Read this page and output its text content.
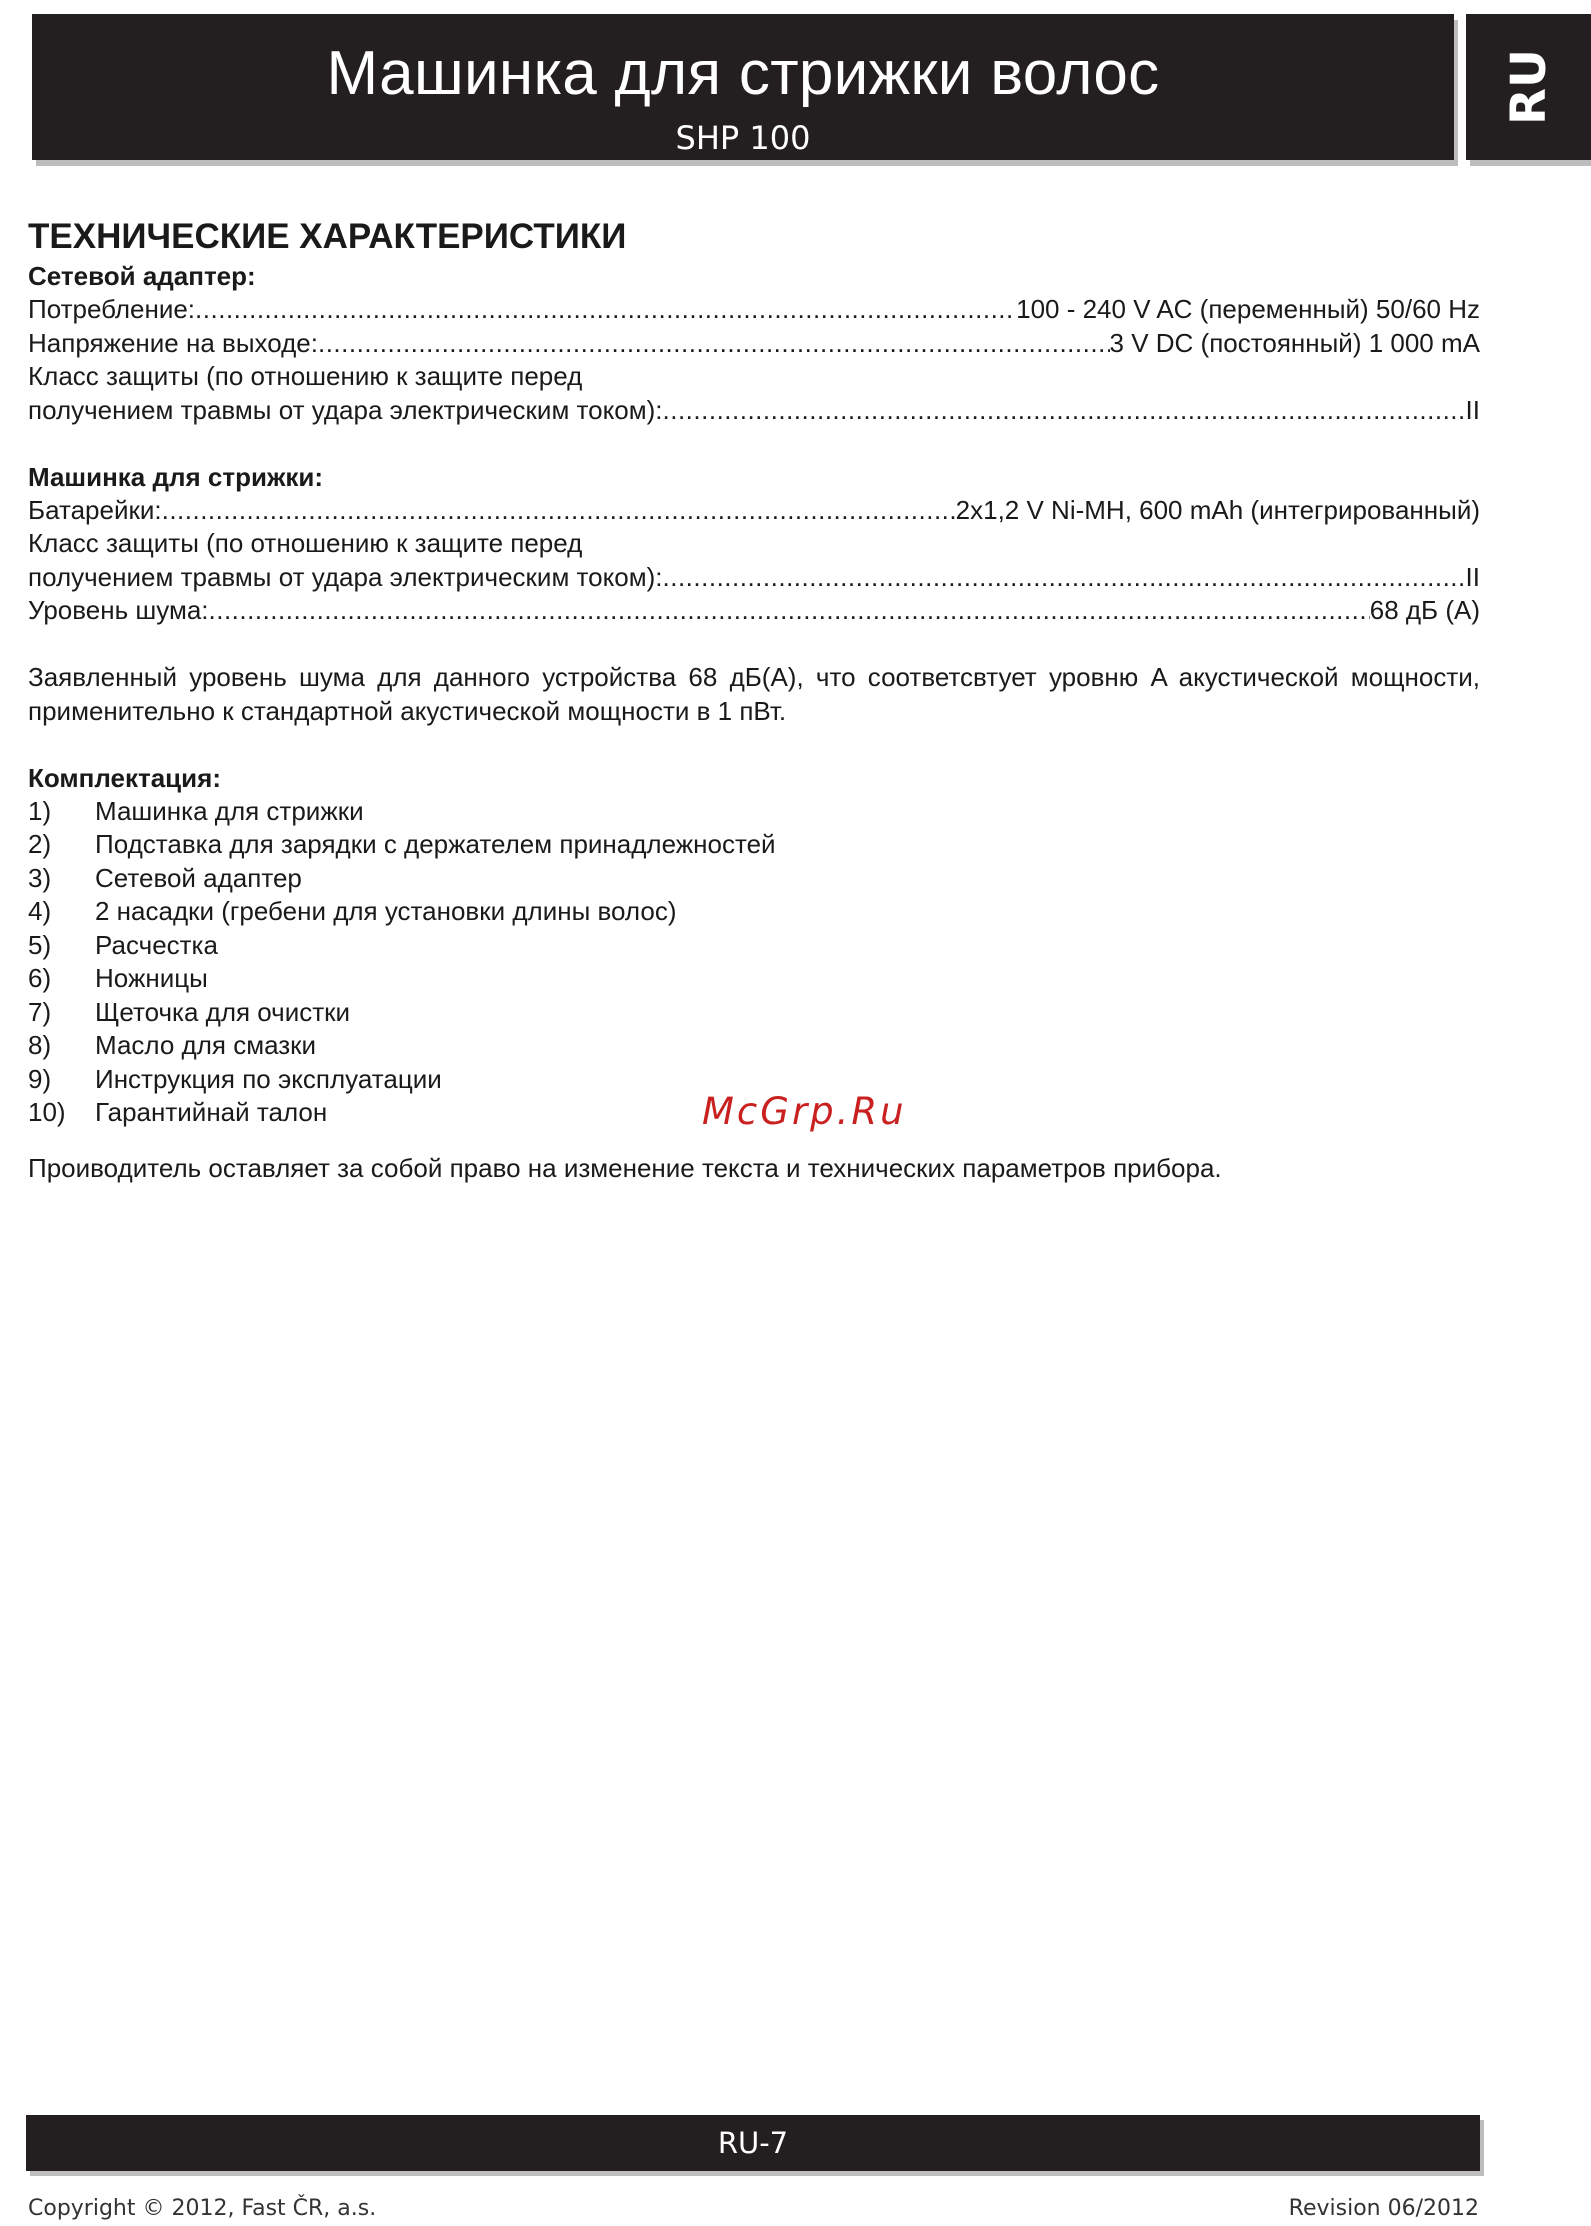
Машинка для стрижки волос
SHP 100
RU
ТЕХНИЧЕСКИЕ ХАРАКТЕРИСТИКИ
Сетевой адаптер:
Потребление: .....	100 - 240 V AC (переменный) 50/60 Hz
Напряжение на выходе: .....	3 V DC (постоянный) 1 000 mA

Класс защиты (по отношению к защите перед

получением травмы от удара электрическим током): .....	II
Машинка для стрижки:
Батарейки: .....	2x1,2 V Ni-MH, 600 mAh (интегрированный)

Класс защиты (по отношению к защите перед

получением травмы от удара электрическим током): .....	II
Уровень шума: .....	68 дБ (A)

Заявленный уровень шума для данного устройства 68 дБ(A), что соответсвтует уровню A акустической мощности, применительно к стандартной акустической мощности в 1 пВт.

Комплектация:
1)	Машинка для стрижки
2)	Подставка для зарядки с держателем принадлежностей
3)	Сетевой адаптер
4)	2 насадки (гребени для установки длины волос)
5)	Расчестка
6)	Ножницы
7)	Щеточка для очистки
8)	Масло для смазки
9)	Инструкция по эксплуатации
10)	Гарантийнай талон

Проиводитель оставляет за собой право на изменение текста и технических параметров прибора.

McGrp.Ru
RU-7
Copyright © 2012, Fast ČR, a.s.	Revision 06/2012
